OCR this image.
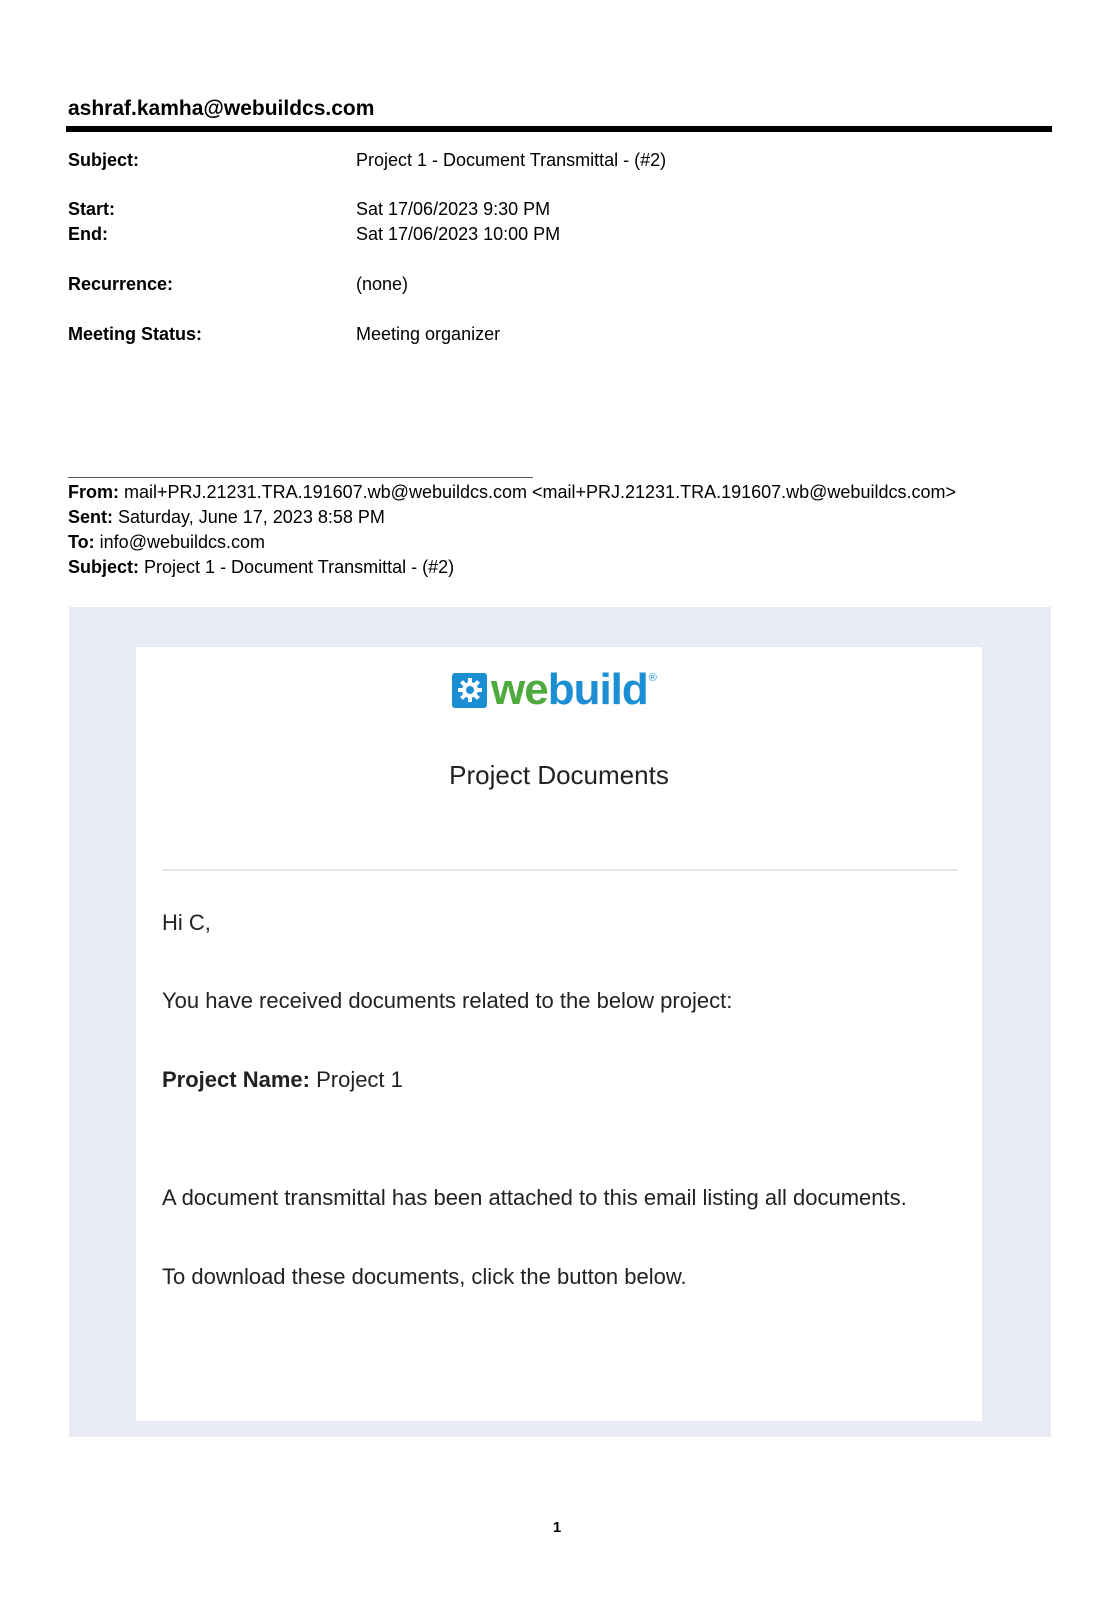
ashraf.kamha@webuildcs.com
Subject:	Project 1 - Document Transmittal - (#2)
Start:	Sat 17/06/2023 9:30 PM
End:	Sat 17/06/2023 10:00 PM
Recurrence:	(none)
Meeting Status:	Meeting organizer
From: mail+PRJ.21231.TRA.191607.wb@webuildcs.com <mail+PRJ.21231.TRA.191607.wb@webuildcs.com>
Sent: Saturday, June 17, 2023 8:58 PM
To: info@webuildcs.com
Subject: Project 1 - Document Transmittal - (#2)
webuild ®
Project Documents
Hi C,
You have received documents related to the below project:
Project Name: Project 1
A document transmittal has been attached to this email listing all documents.
To download these documents, click the button below.
1
